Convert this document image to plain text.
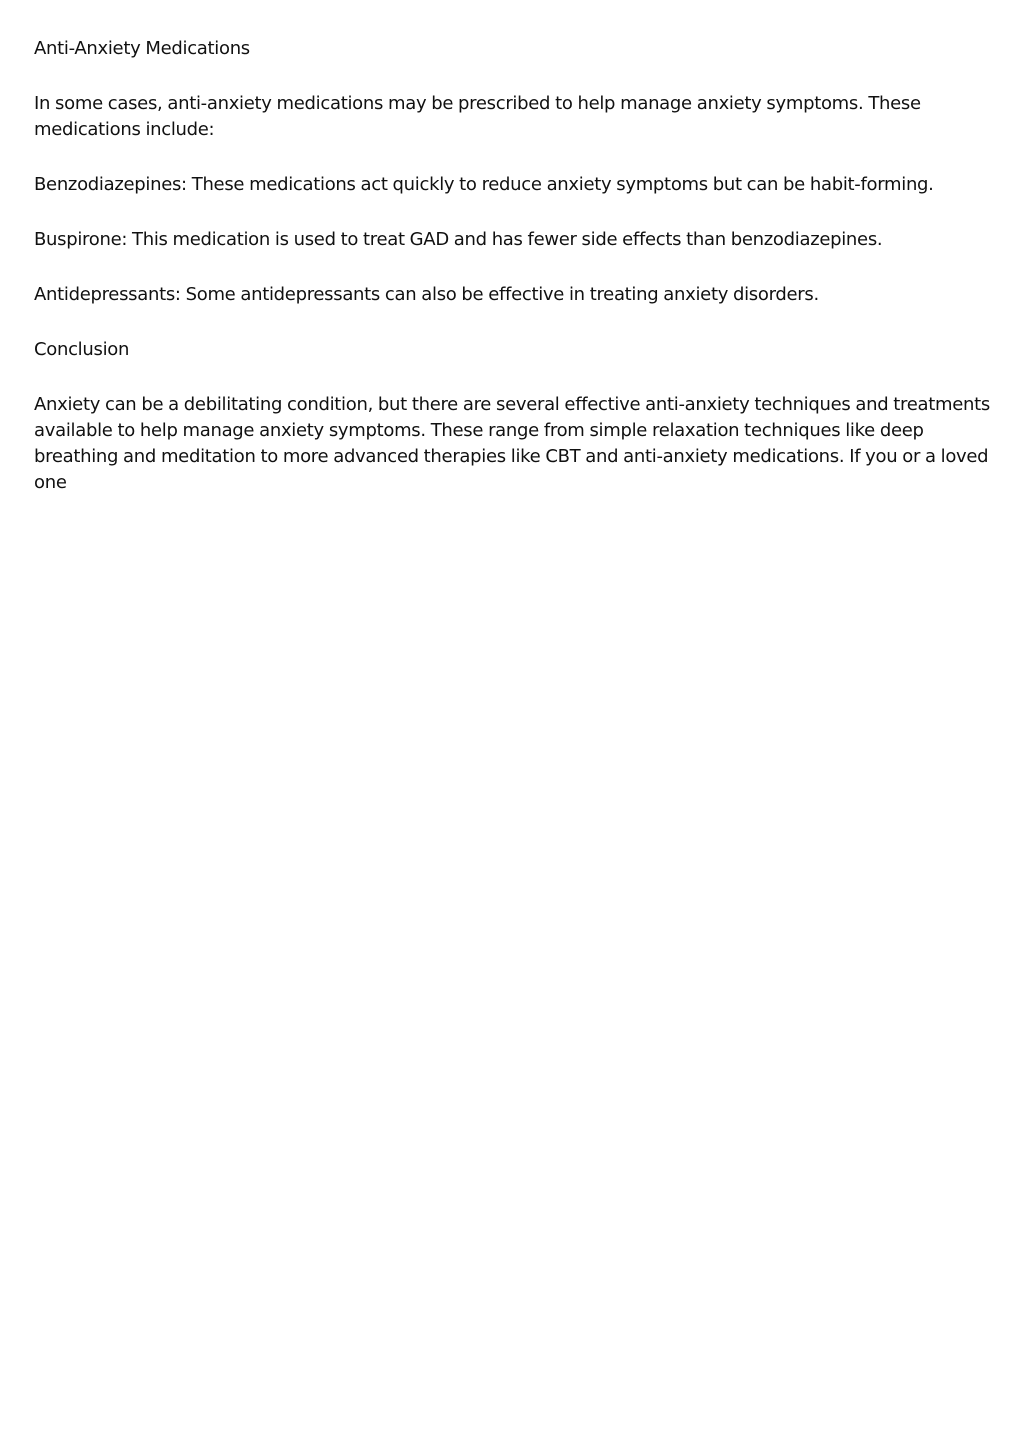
Anti-Anxiety Medications

In some cases, anti-anxiety medications may be prescribed to help manage anxiety symptoms. These medications include:

Benzodiazepines: These medications act quickly to reduce anxiety symptoms but can be habit-forming.

Buspirone: This medication is used to treat GAD and has fewer side effects than benzodiazepines.

Antidepressants: Some antidepressants can also be effective in treating anxiety disorders.

Conclusion

Anxiety can be a debilitating condition, but there are several effective anti-anxiety techniques and treatments available to help manage anxiety symptoms. These range from simple relaxation techniques like deep breathing and meditation to more advanced therapies like CBT and anti-anxiety medications. If you or a loved one
